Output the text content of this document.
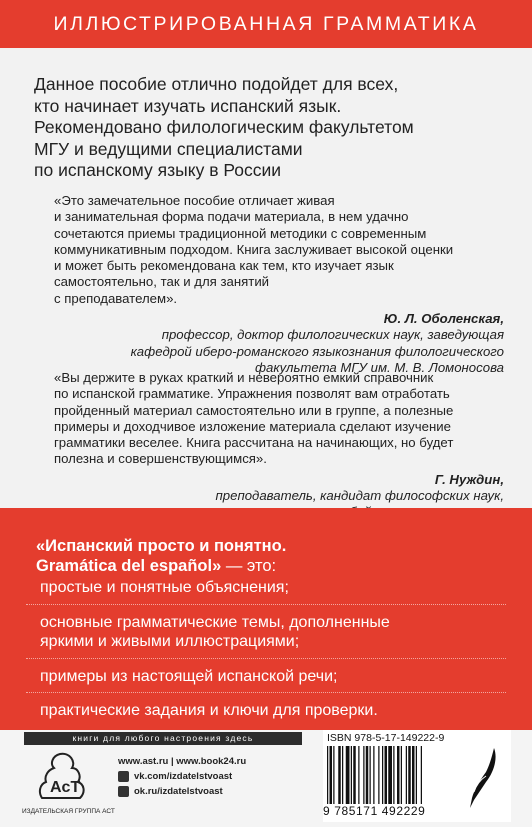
ИЛЛЮСТРИРОВАННАЯ ГРАММАТИКА
Данное пособие отлично подойдет для всех,
кто начинает изучать испанский язык.
Рекомендовано филологическим факультетом
МГУ и ведущими специалистами
по испанскому языку в России
«Это замечательное пособие отличает живая
и занимательная форма подачи материала, в нем удачно
сочетаются приемы традиционной методики с современным
коммуникативным подходом. Книга заслуживает высокой оценки
и может быть рекомендована как тем, кто изучает язык
самостоятельно, так и для занятий
с преподавателем».
Ю. Л. Оболенская,
профессор, доктор филологических наук, заведующая
кафедрой иберо-романского языкознания филологического
факультета МГУ им. М. В. Ломоносова
«Вы держите в руках краткий и невероятно емкий справочник
по испанской грамматике. Упражнения позволят вам отработать
пройденный материал самостоятельно или в группе, а полезные
примеры и доходчивое изложение материала сделают изучение
грамматики веселее. Книга рассчитана на начинающих, но будет
полезна и совершенствующимся».
Г. Нуждин,
преподаватель, кандидат философских наук,
«Испанский просто и понятно.
Gramática del español» — это:
простые и понятные объяснения;
основные грамматические темы, дополненные
яркими и живыми иллюстрациями;
примеры из настоящей испанской речи;
практические задания и ключи для проверки.
книги для любого настроения здесь
AcT
ИЗДАТЕЛЬСКАЯ ГРУППА АСТ
www.ast.ru | www.book24.ru
vk.com/izdatelstvoast
ok.ru/izdatelstvoast
ISBN 978-5-17-149222-9
9 785171 492229
